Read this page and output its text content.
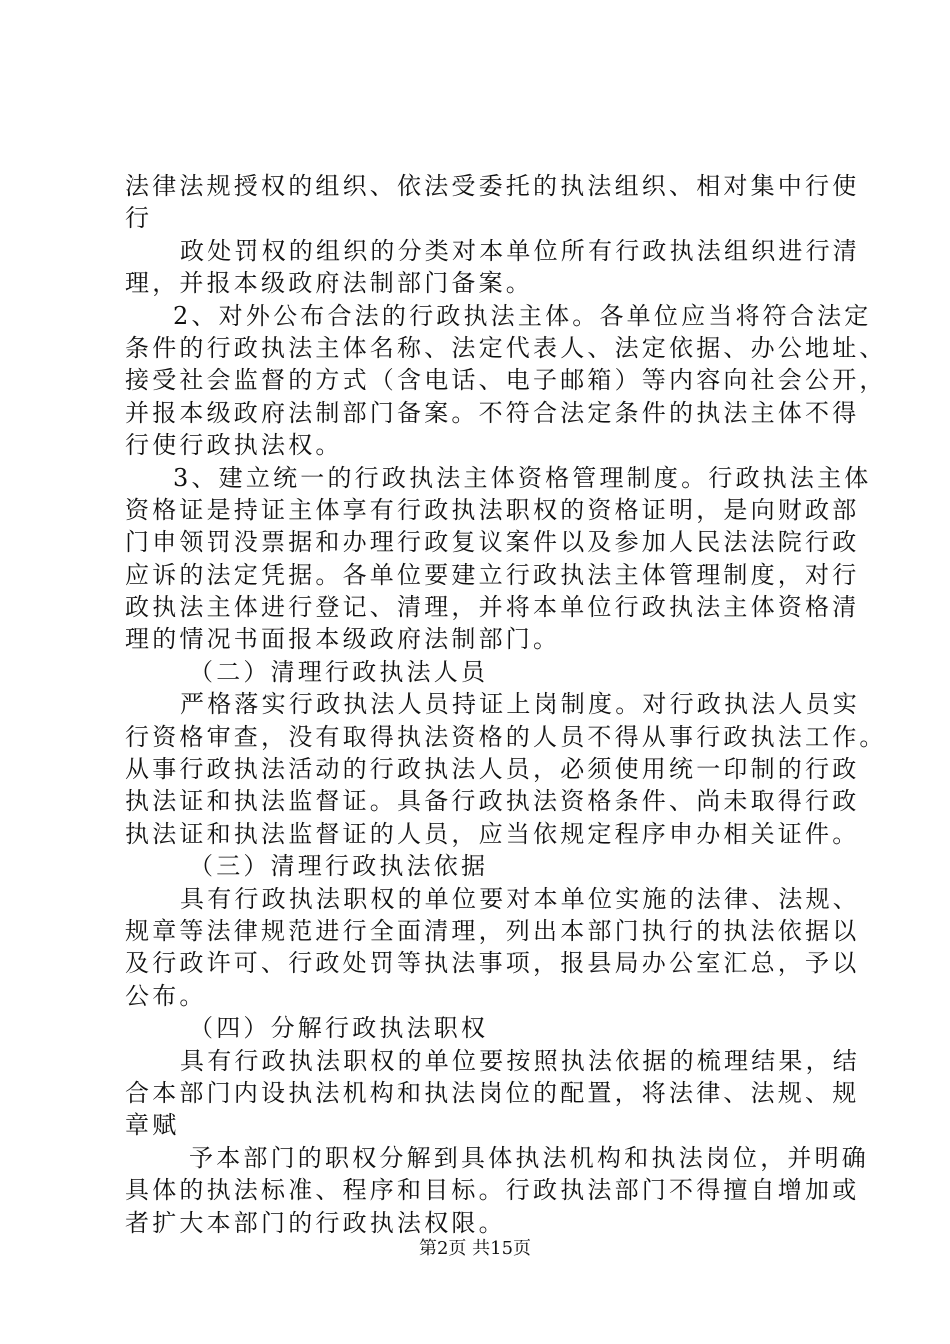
法律法规授权的组织、依法受委托的执法组织、相对集中行使
行
政处罚权的组织的分类对本单位所有行政执法组织进行清
理，并报本级政府法制部门备案。
2、对外公布合法的行政执法主体。各单位应当将符合法定
条件的行政执法主体名称、法定代表人、法定依据、办公地址、
接受社会监督的方式（含电话、电子邮箱）等内容向社会公开，
并报本级政府法制部门备案。不符合法定条件的执法主体不得
行使行政执法权。
3、建立统一的行政执法主体资格管理制度。行政执法主体
资格证是持证主体享有行政执法职权的资格证明，是向财政部
门申领罚没票据和办理行政复议案件以及参加人民法法院行政
应诉的法定凭据。各单位要建立行政执法主体管理制度，对行
政执法主体进行登记、清理，并将本单位行政执法主体资格清
理的情况书面报本级政府法制部门。
（二）清理行政执法人员
严格落实行政执法人员持证上岗制度。对行政执法人员实
行资格审查，没有取得执法资格的人员不得从事行政执法工作。
从事行政执法活动的行政执法人员，必须使用统一印制的行政
执法证和执法监督证。具备行政执法资格条件、尚未取得行政
执法证和执法监督证的人员，应当依规定程序申办相关证件。
（三）清理行政执法依据
具有行政执法职权的单位要对本单位实施的法律、法规、
规章等法律规范进行全面清理，列出本部门执行的执法依据以
及行政许可、行政处罚等执法事项，报县局办公室汇总，予以
公布。
（四）分解行政执法职权
具有行政执法职权的单位要按照执法依据的梳理结果，结
合本部门内设执法机构和执法岗位的配置，将法律、法规、规
章赋
予本部门的职权分解到具体执法机构和执法岗位，并明确
具体的执法标准、程序和目标。行政执法部门不得擅自增加或
者扩大本部门的行政执法权限。
第2页 共15页
